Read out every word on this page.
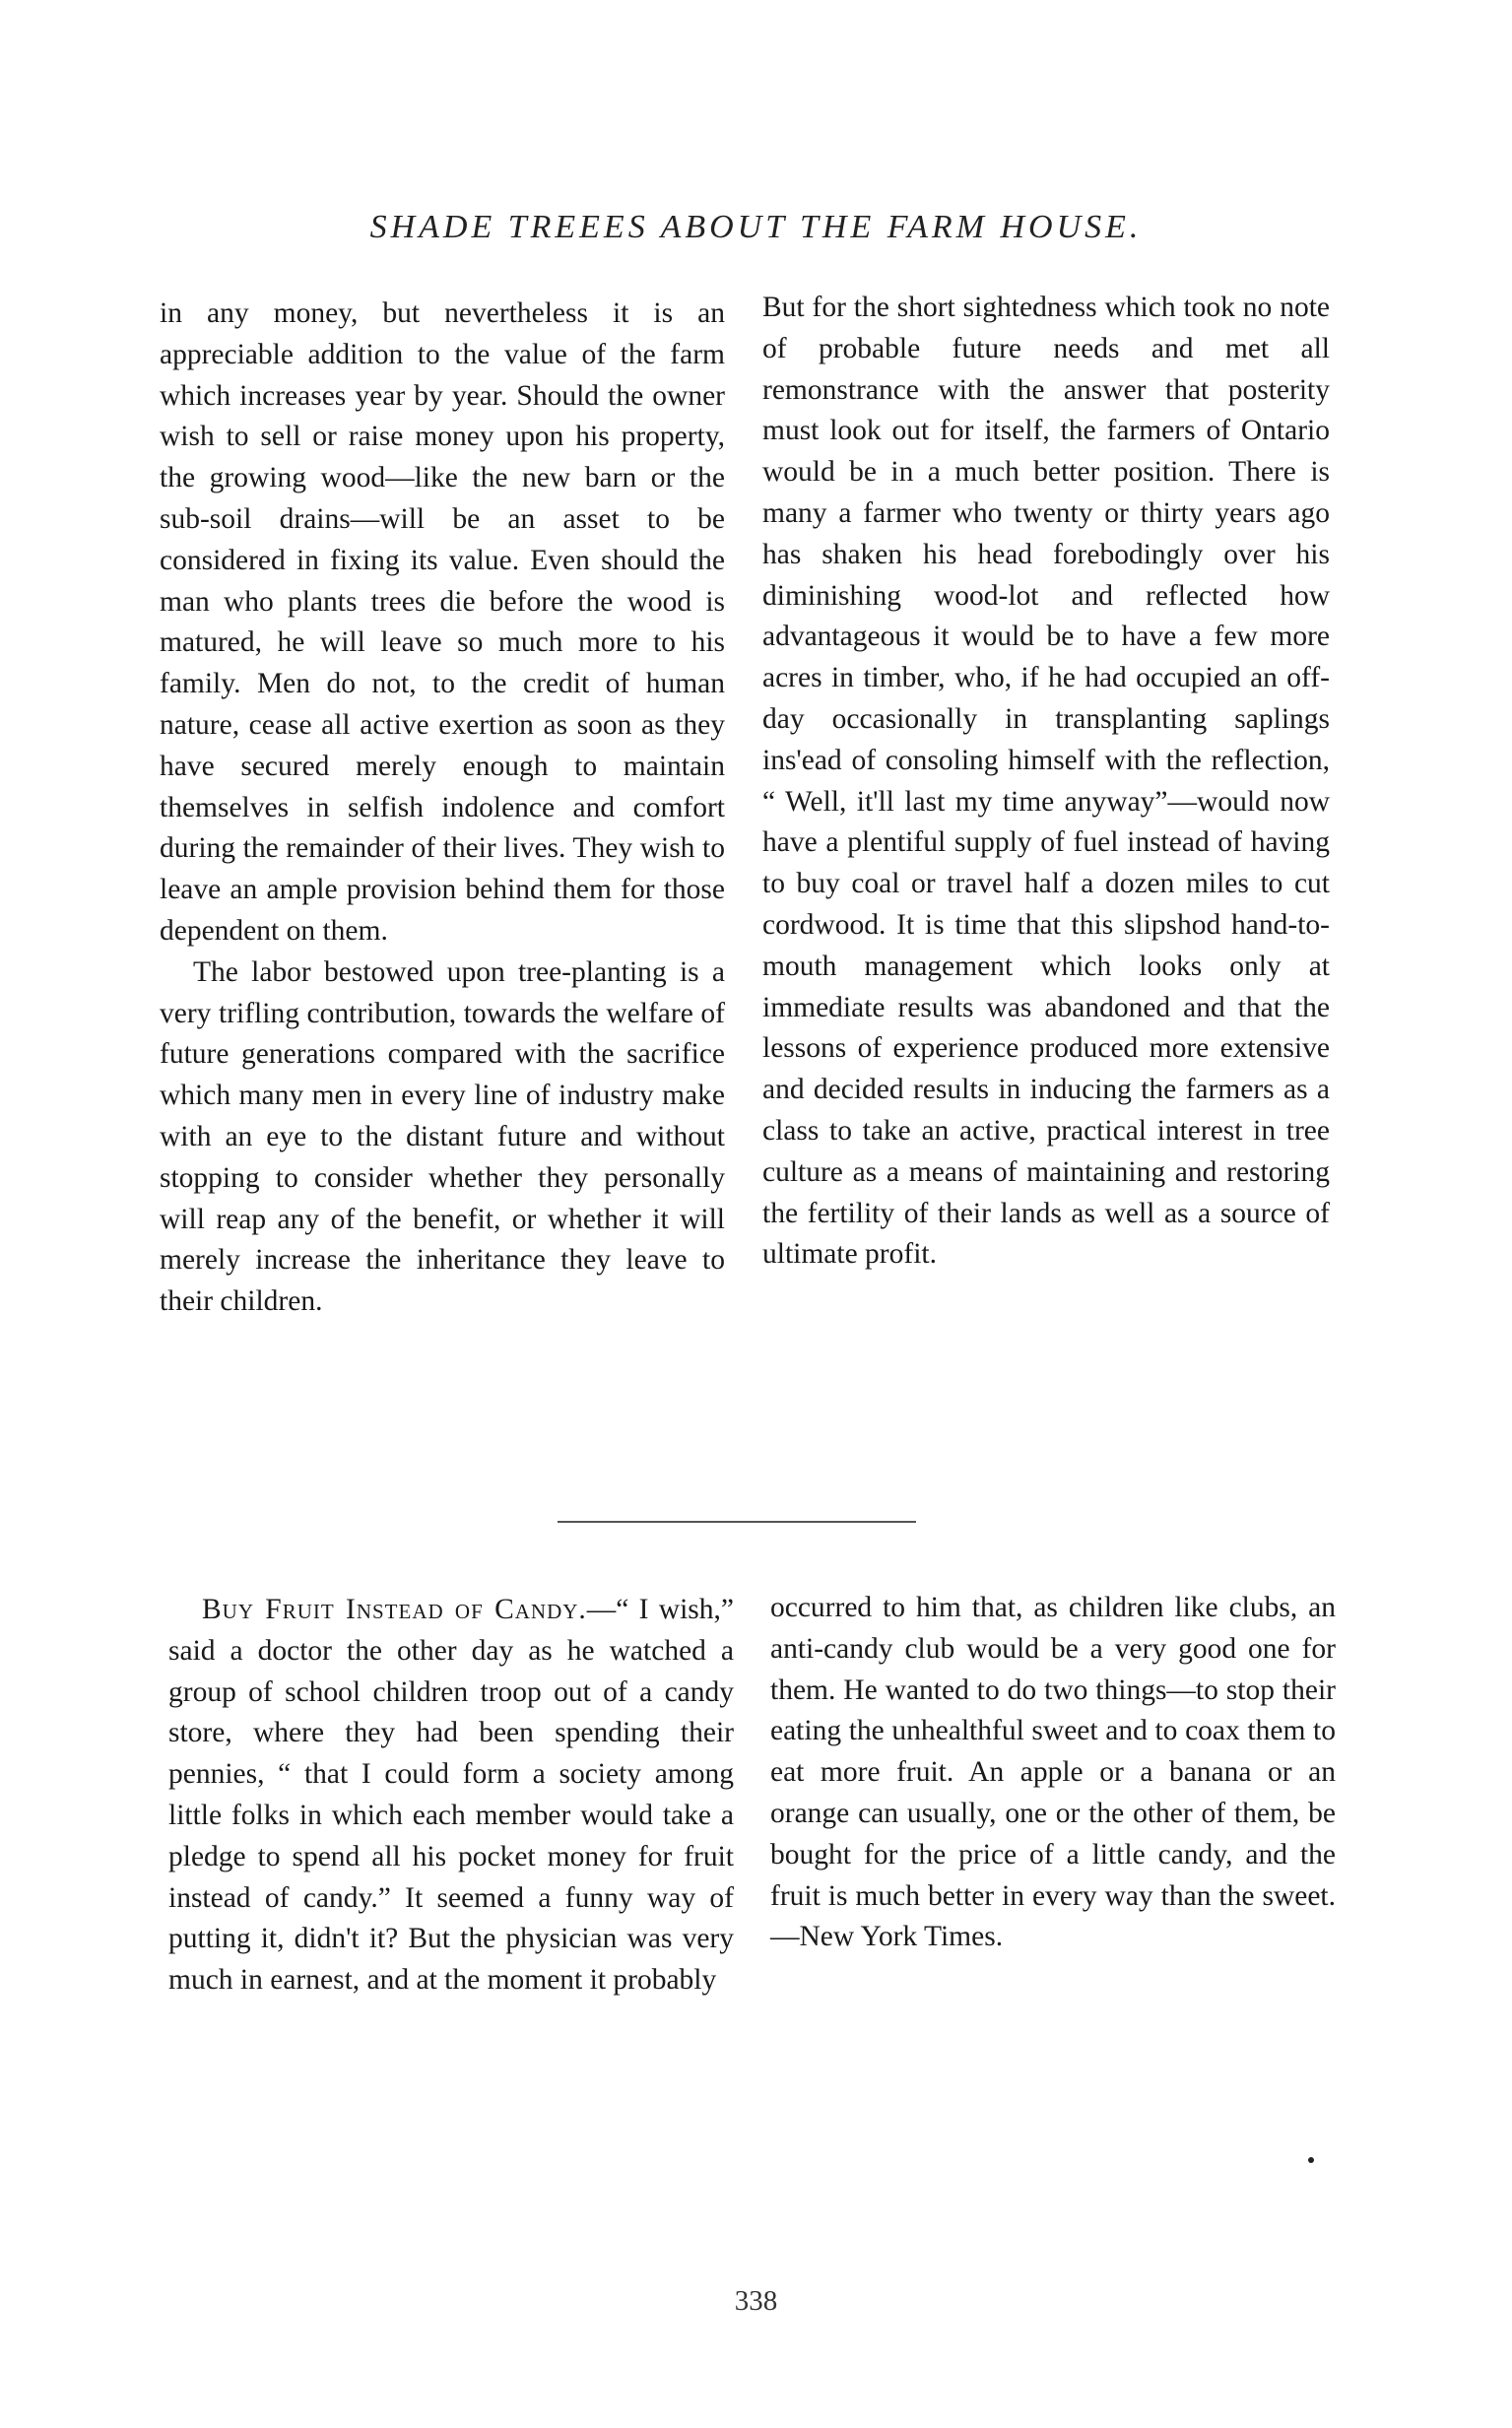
SHADE TREEES ABOUT THE FARM HOUSE.

in any money, but nevertheless it is an appreciable addition to the value of the farm which increases year by year. Should the owner wish to sell or raise money upon his property, the growing wood—like the new barn or the sub-soil drains—will be an asset to be considered in fixing its value. Even should the man who plants trees die before the wood is matured, he will leave so much more to his family. Men do not, to the credit of human nature, cease all active exertion as soon as they have secured merely enough to maintain themselves in selfish indolence and comfort during the remainder of their lives. They wish to leave an ample provision behind them for those dependent on them.

The labor bestowed upon tree-planting is a very trifling contribution, towards the welfare of future generations compared with the sacrifice which many men in every line of industry make with an eye to the distant future and without stopping to consider whether they personally will reap any of the benefit, or whether it will merely increase the inheritance they leave to their children.

But for the short sightedness which took no note of probable future needs and met all remonstrance with the answer that posterity must look out for itself, the farmers of Ontario would be in a much better position. There is many a farmer who twenty or thirty years ago has shaken his head forebodingly over his diminishing wood-lot and reflected how advantageous it would be to have a few more acres in timber, who, if he had occupied an off-day occasionally in transplanting saplings ins'ead of consoling himself with the reflection, “ Well, it'll last my time anyway”—would now have a plentiful supply of fuel instead of having to buy coal or travel half a dozen miles to cut cordwood. It is time that this slipshod hand-to-mouth management which looks only at immediate results was abandoned and that the lessons of experience produced more extensive and decided results in inducing the farmers as a class to take an active, practical interest in tree culture as a means of maintaining and restoring the fertility of their lands as well as a source of ultimate profit.

Buy Fruit Instead of Candy.—“ I wish,” said a doctor the other day as he watched a group of school children troop out of a candy store, where they had been spending their pennies, “ that I could form a society among little folks in which each member would take a pledge to spend all his pocket money for fruit instead of candy.” It seemed a funny way of putting it, didn't it? But the physician was very much in earnest, and at the moment it probably

occurred to him that, as children like clubs, an anti-candy club would be a very good one for them. He wanted to do two things—to stop their eating the unhealthful sweet and to coax them to eat more fruit. An apple or a banana or an orange can usually, one or the other of them, be bought for the price of a little candy, and the fruit is much better in every way than the sweet.—New York Times.

338
